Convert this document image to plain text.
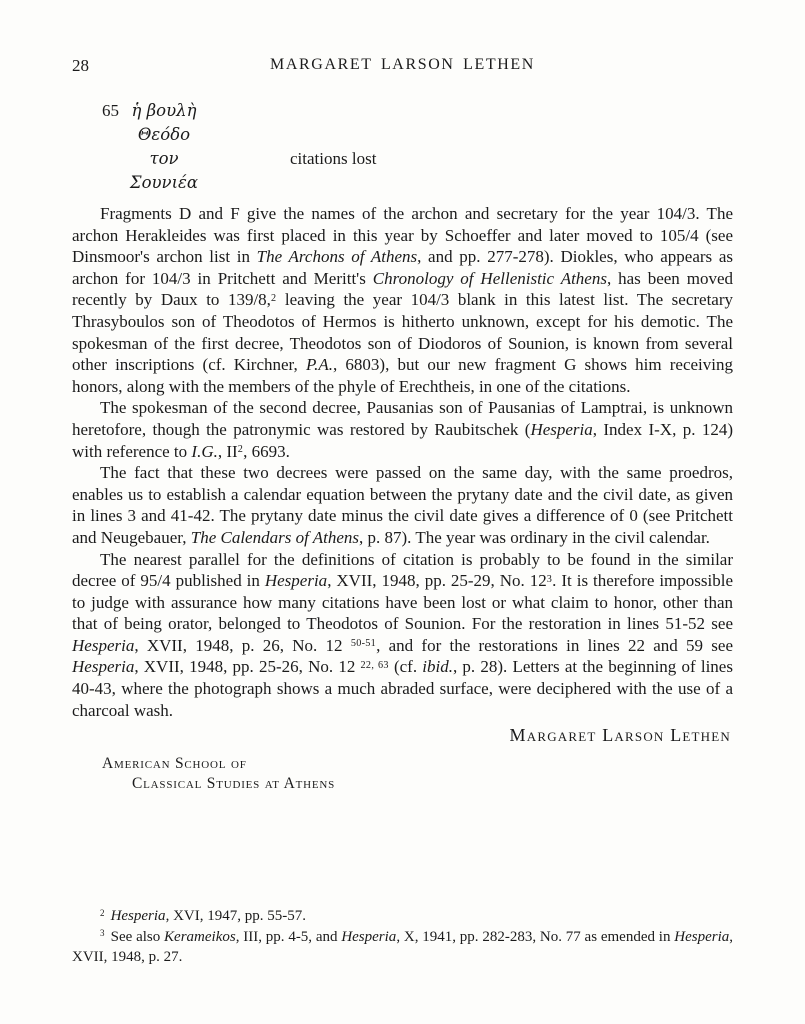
28	MARGARET LARSON LETHEN
65 ἡ βουλὴ
Θεόδο
τον
Σουνιέα
citations lost

Fragments D and F give the names of the archon and secretary for the year 104/3. The archon Herakleides was first placed in this year by Schoeffer and later moved to 105/4 (see Dinsmoor's archon list in The Archons of Athens, and pp. 277-278). Diokles, who appears as archon for 104/3 in Pritchett and Meritt's Chronology of Hellenistic Athens, has been moved recently by Daux to 139/8,$^2$ leaving the year 104/3 blank in this latest list. The secretary Thrasyboulos son of Theodotos of Hermos is hitherto unknown, except for his demotic. The spokesman of the first decree, Theodotos son of Diodoros of Sounion, is known from several other inscriptions (cf. Kirchner, P.A., 6803), but our new fragment G shows him receiving honors, along with the members of the phyle of Erechtheis, in one of the citations.

The spokesman of the second decree, Pausanias son of Pausanias of Lamptrai, is unknown heretofore, though the patronymic was restored by Raubitschek (Hesperia, Index I-X, p. 124) with reference to I.G., $II^2$, 6693.

The fact that these two decrees were passed on the same day, with the same proedros, enables us to establish a calendar equation between the prytany date and the civil date, as given in lines 3 and 41-42. The prytany date minus the civil date gives a difference of 0 (see Pritchett and Neugebauer, The Calendars of Athens, p. 87). The year was ordinary in the civil calendar.

The nearest parallel for the definitions of citation is probably to be found in the similar decree of 95/4 published in Hesperia, XVII, 1948, pp. 25-29, No. $12^3$. It is therefore impossible to judge with assurance how many citations have been lost or what claim to honor, other than that of being orator, belonged to Theodotos of Sounion. For the restoration in lines 51-52 see Hesperia, XVII, 1948, p. 26, No. 12 $^{50-51}$, and for the restorations in lines 22 and 59 see Hesperia, XVII, 1948, pp. 25-26, No. 12 $^{22, 63}$ (cf. ibid., p. 28). Letters at the beginning of lines 40-43, where the photograph shows a much abraded surface, were deciphered with the use of a charcoal wash.

Margaret Larson Lethen
American School of
Classical Studies at Athens

$^2$ Hesperia, XVI, 1947, pp. 55-57.

$^3$ See also Kerameikos, III, pp. 4-5, and Hesperia, X, 1941, pp. 282-283, No. 77 as emended in Hesperia, XVII, 1948, p. 27.
